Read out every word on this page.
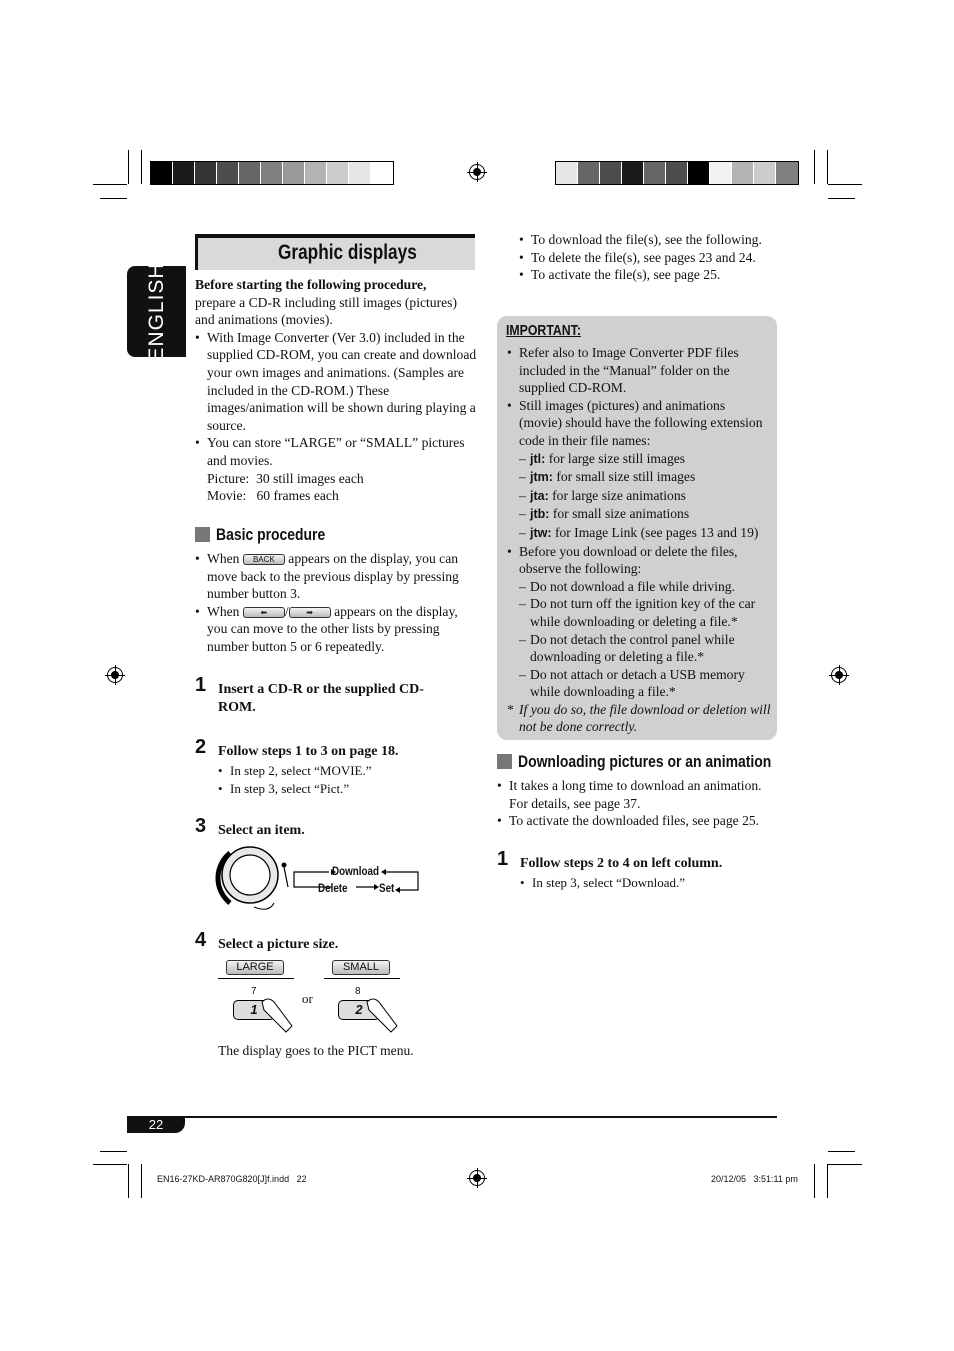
ENGLISH
Graphic displays
Before starting the following procedure,
prepare a CD-R including still images (pictures) and animations (movies).
• With Image Converter (Ver 3.0) included in the supplied CD-ROM, you can create and download your own images and animations. (Samples are included in the CD-ROM.) These images/animation will be shown during playing a source.
• You can store “LARGE” or “SMALL” pictures and movies.
Picture:  30 still images each
Movie:   60 frames each
Basic procedure
• When BACK appears on the display, you can move back to the previous display by pressing number button 3.
• When	⬅ / ➡ appears on the display, you can move to the other lists by pressing number button 5 or 6 repeatedly.
1 Insert a CD-R or the supplied CD-ROM.
2 Follow steps 1 to 3 on page 18.
• In step 2, select “MOVIE.”
• In step 3, select “Pict.”
3 Select an item.
Download
Delete	Set
4 Select a picture size.
LARGE	SMALL
7	8
1	2
or
The display goes to the PICT menu.
• To download the file(s), see the following.
• To delete the file(s), see pages 23 and 24.
• To activate the file(s), see page 25.
IMPORTANT:
• Refer also to Image Converter PDF files included in the “Manual” folder on the supplied CD-ROM.
• Still images (pictures) and animations (movie) should have the following extension code in their file names:
– jtl: for large size still images
– jtm: for small size still images
– jta: for large size animations
– jtb: for small size animations
– jtw: for Image Link (see pages 13 and 19)
• Before you download or delete the files, observe the following:
– Do not download a file while driving.
– Do not turn off the ignition key of the car while downloading or deleting a file.*
– Do not detach the control panel while downloading or deleting a file.*
– Do not attach or detach a USB memory while downloading a file.*
* If you do so, the file download or deletion will not be done correctly.
Downloading pictures or an animation
• It takes a long time to download an animation. For details, see page 37.
• To activate the downloaded files, see page 25.
1 Follow steps 2 to 4 on left column.
• In step 3, select “Download.”
22
EN16-27KD-AR870G820[J]f.indd   22	20/12/05   3:51:11 pm
